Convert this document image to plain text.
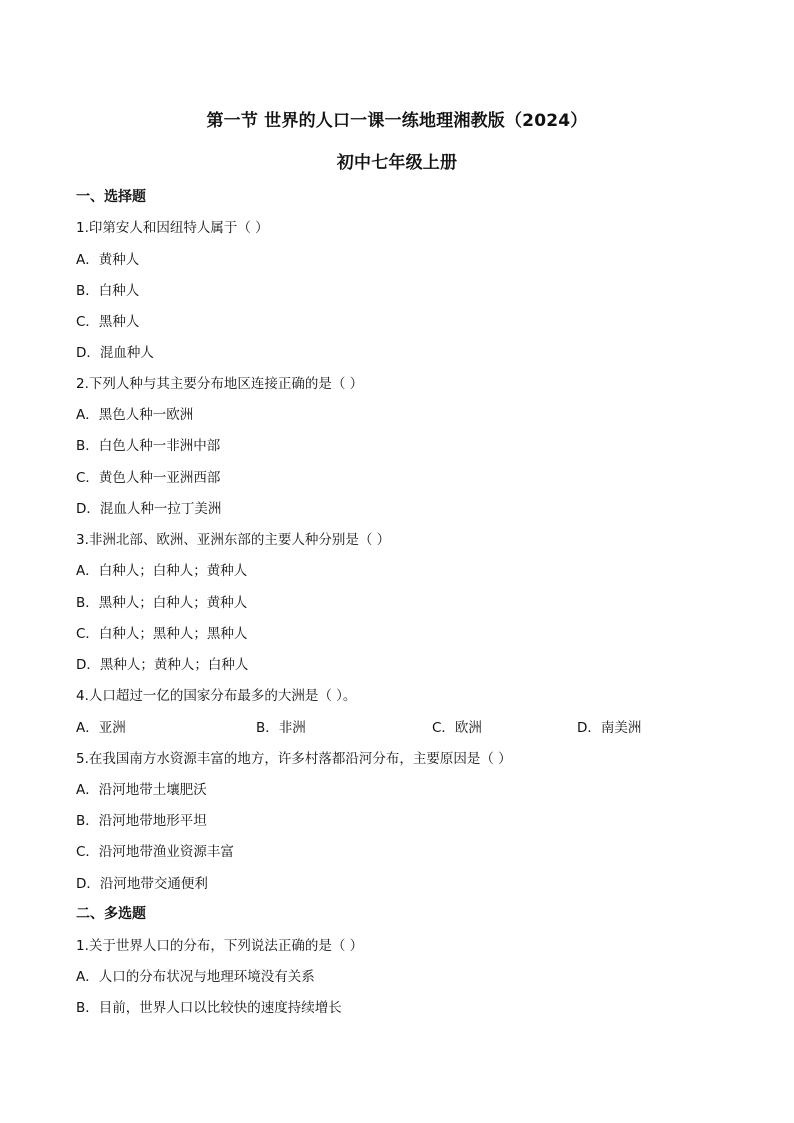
第一节 世界的人口一课一练地理湘教版（2024）
初中七年级上册
一、选择题
1.印第安人和因纽特人属于（ ）
A．黄种人
B．白种人
C．黑种人
D．混血种人
2.下列人种与其主要分布地区连接正确的是（ ）
A．黑色人种一欧洲
B．白色人种一非洲中部
C．黄色人种一亚洲西部
D．混血人种一拉丁美洲
3.非洲北部、欧洲、亚洲东部的主要人种分别是（ ）
A．白种人；白种人；黄种人
B．黑种人；白种人；黄种人
C．白种人；黑种人；黑种人
D．黑种人；黄种人；白种人
4.人口超过一亿的国家分布最多的大洲是（ ）。
A．亚洲	B．非洲	C．欧洲	D．南美洲
5.在我国南方水资源丰富的地方，许多村落都沿河分布，主要原因是（ ）
A．沿河地带土壤肥沃
B．沿河地带地形平坦
C．沿河地带渔业资源丰富
D．沿河地带交通便利
二、多选题
1.关于世界人口的分布，下列说法正确的是（ ）
A．人口的分布状况与地理环境没有关系
B．目前，世界人口以比较快的速度持续增长
